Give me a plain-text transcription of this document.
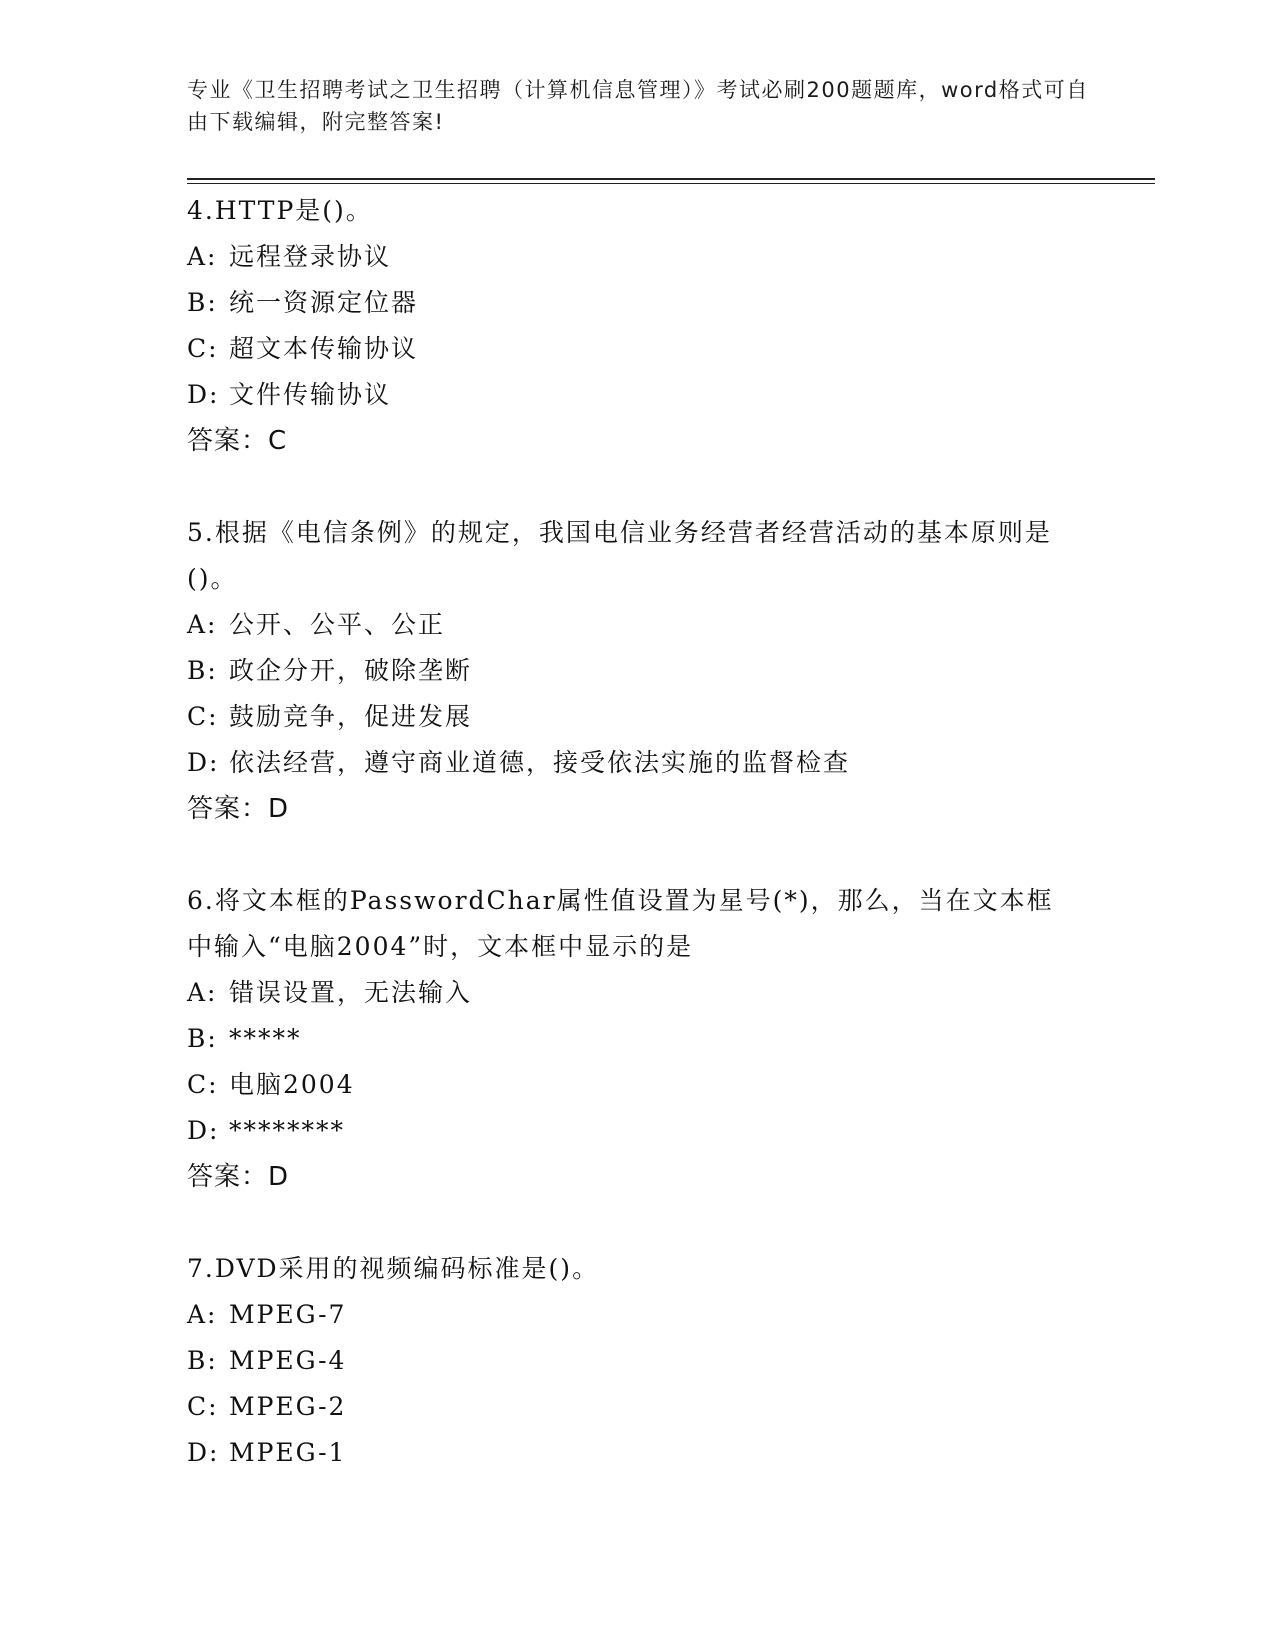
专业《卫生招聘考试之卫生招聘（计算机信息管理）》考试必刷200题题库，word格式可自由下载编辑，附完整答案!

4.HTTP是()。

A: 远程登录协议

B: 统一资源定位器

C: 超文本传输协议

D: 文件传输协议

答案：C

5.根据《电信条例》的规定，我国电信业务经营者经营活动的基本原则是()。

A: 公开、公平、公正

B: 政企分开，破除垄断

C: 鼓励竞争，促进发展

D: 依法经营，遵守商业道德，接受依法实施的监督检查

答案：D

6.将文本框的PasswordChar属性值设置为星号(*)，那么，当在文本框中输入“电脑2004”时，文本框中显示的是

A: 错误设置，无法输入

B: *****

C: 电脑2004

D: ********

答案：D

7.DVD采用的视频编码标准是()。

A: MPEG-7

B: MPEG-4

C: MPEG-2

D: MPEG-1
